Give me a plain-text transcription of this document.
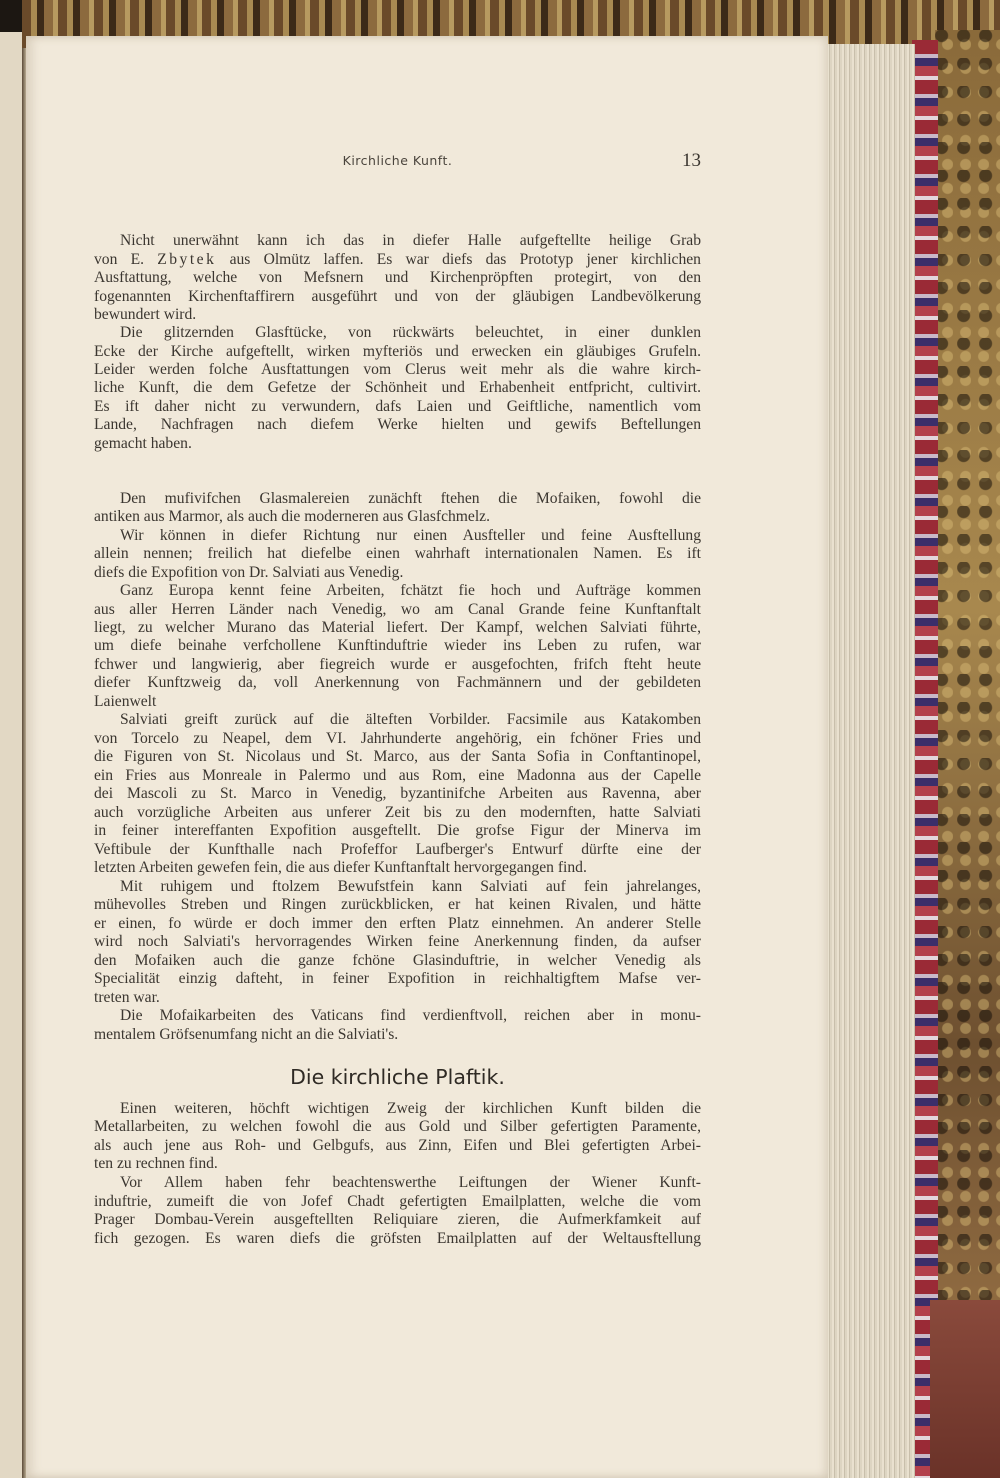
Kirchliche Kunft.	13
Nicht unerwähnt kann ich das in diefer Halle aufgeftellte heilige Grab
von E. Zbytek aus Olmütz laffen. Es war diefs das Prototyp jener kirchlichen
Ausftattung, welche von Mefsnern und Kirchenpröpften protegirt, von den
fogenannten Kirchenftaffirern ausgeführt und von der gläubigen Landbevölkerung
bewundert wird.
Die glitzernden Glasftücke, von rückwärts beleuchtet, in einer dunklen
Ecke der Kirche aufgeftellt, wirken myfteriös und erwecken ein gläubiges Grufeln.
Leider werden folche Ausftattungen vom Clerus weit mehr als die wahre kirch-
liche Kunft, die dem Gefetze der Schönheit und Erhabenheit entfpricht, cultivirt.
Es ift daher nicht zu verwundern, dafs Laien und Geiftliche, namentlich vom
Lande, Nachfragen nach diefem Werke hielten und gewifs Beftellungen
gemacht haben.
Den mufivifchen Glasmalereien zunächft ftehen die Mofaiken, fowohl die
antiken aus Marmor, als auch die moderneren aus Glasfchmelz.
Wir können in diefer Richtung nur einen Ausfteller und feine Ausftellung
allein nennen; freilich hat diefelbe einen wahrhaft internationalen Namen. Es ift
diefs die Expofition von Dr. Salviati aus Venedig.
Ganz Europa kennt feine Arbeiten, fchätzt fie hoch und Aufträge kommen
aus aller Herren Länder nach Venedig, wo am Canal Grande feine Kunftanftalt
liegt, zu welcher Murano das Material liefert. Der Kampf, welchen Salviati führte,
um diefe beinahe verfchollene Kunftinduftrie wieder ins Leben zu rufen, war
fchwer und langwierig, aber fiegreich wurde er ausgefochten, frifch fteht heute
diefer Kunftzweig da, voll Anerkennung von Fachmännern und der gebildeten
Laienwelt
Salviati greift zurück auf die älteften Vorbilder. Facsimile aus Katakomben
von Torcelo zu Neapel, dem VI. Jahrhunderte angehörig, ein fchöner Fries und
die Figuren von St. Nicolaus und St. Marco, aus der Santa Sofia in Conftantinopel,
ein Fries aus Monreale in Palermo und aus Rom, eine Madonna aus der Capelle
dei Mascoli zu St. Marco in Venedig, byzantinifche Arbeiten aus Ravenna, aber
auch vorzügliche Arbeiten aus unferer Zeit bis zu den modernften, hatte Salviati
in feiner intereffanten Expofition ausgeftellt. Die grofse Figur der Minerva im
Veftibule der Kunfthalle nach Profeffor Laufberger's Entwurf dürfte eine der
letzten Arbeiten gewefen fein, die aus diefer Kunftanftalt hervorgegangen find.
Mit ruhigem und ftolzem Bewufstfein kann Salviati auf fein jahrelanges,
mühevolles Streben und Ringen zurückblicken, er hat keinen Rivalen, und hätte
er einen, fo würde er doch immer den erften Platz einnehmen. An anderer Stelle
wird noch Salviati's hervorragendes Wirken feine Anerkennung finden, da aufser
den Mofaiken auch die ganze fchöne Glasinduftrie, in welcher Venedig als
Specialität einzig dafteht, in feiner Expofition in reichhaltigftem Mafse ver-
treten war.
Die Mofaikarbeiten des Vaticans find verdienftvoll, reichen aber in monu-
mentalem Gröfsenumfang nicht an die Salviati's.
Die kirchliche Plaftik.
Einen weiteren, höchft wichtigen Zweig der kirchlichen Kunft bilden die
Metallarbeiten, zu welchen fowohl die aus Gold und Silber gefertigten Paramente,
als auch jene aus Roh- und Gelbgufs, aus Zinn, Eifen und Blei gefertigten Arbei-
ten zu rechnen find.
Vor Allem haben fehr beachtenswerthe Leiftungen der Wiener Kunft-
induftrie, zumeift die von Jofef Chadt gefertigten Emailplatten, welche die vom
Prager Dombau-Verein ausgeftellten Reliquiare zieren, die Aufmerkfamkeit auf
fich gezogen. Es waren diefs die gröfsten Emailplatten auf der Weltausftellung
